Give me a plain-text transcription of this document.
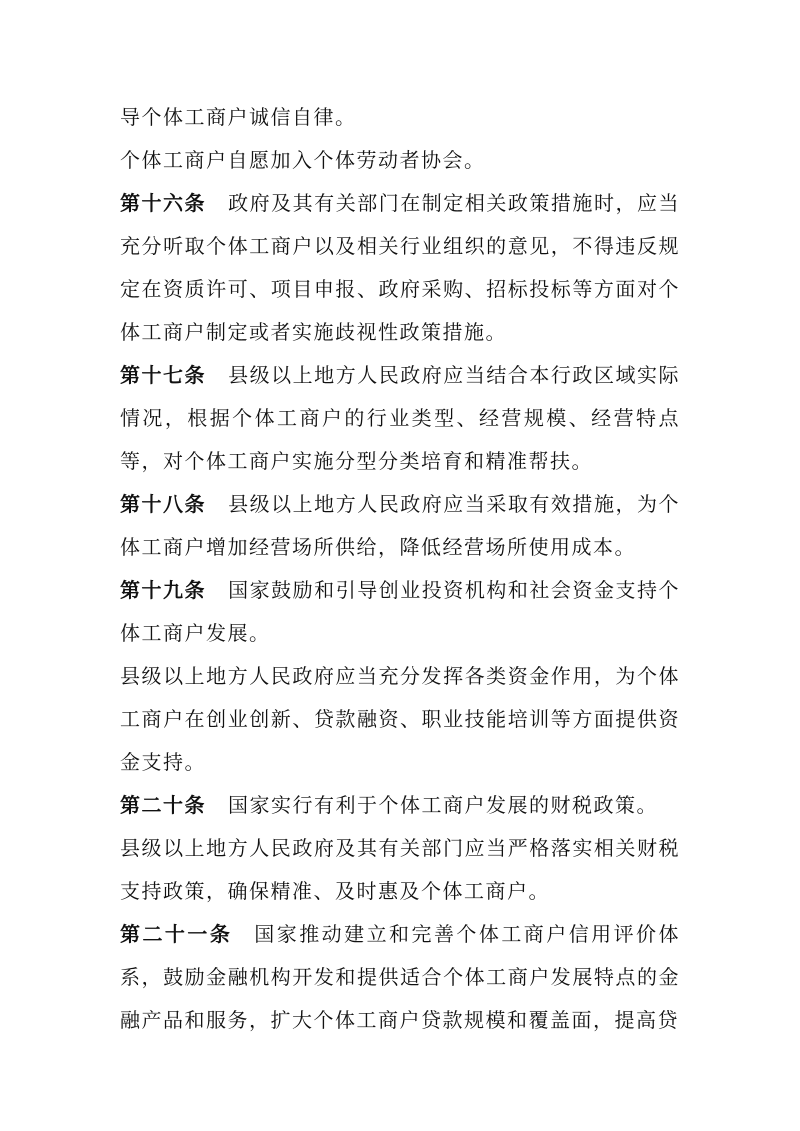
导个体工商户诚信自律。

个体工商户自愿加入个体劳动者协会。

第十六条 政府及其有关部门在制定相关政策措施时，应当充分听取个体工商户以及相关行业组织的意见，不得违反规定在资质许可、项目申报、政府采购、招标投标等方面对个体工商户制定或者实施歧视性政策措施。

第十七条 县级以上地方人民政府应当结合本行政区域实际情况，根据个体工商户的行业类型、经营规模、经营特点等，对个体工商户实施分型分类培育和精准帮扶。

第十八条 县级以上地方人民政府应当采取有效措施，为个体工商户增加经营场所供给，降低经营场所使用成本。

第十九条 国家鼓励和引导创业投资机构和社会资金支持个体工商户发展。

县级以上地方人民政府应当充分发挥各类资金作用，为个体工商户在创业创新、贷款融资、职业技能培训等方面提供资金支持。

第二十条 国家实行有利于个体工商户发展的财税政策。

县级以上地方人民政府及其有关部门应当严格落实相关财税支持政策，确保精准、及时惠及个体工商户。

第二十一条 国家推动建立和完善个体工商户信用评价体系，鼓励金融机构开发和提供适合个体工商户发展特点的金融产品和服务，扩大个体工商户贷款规模和覆盖面，提高贷
